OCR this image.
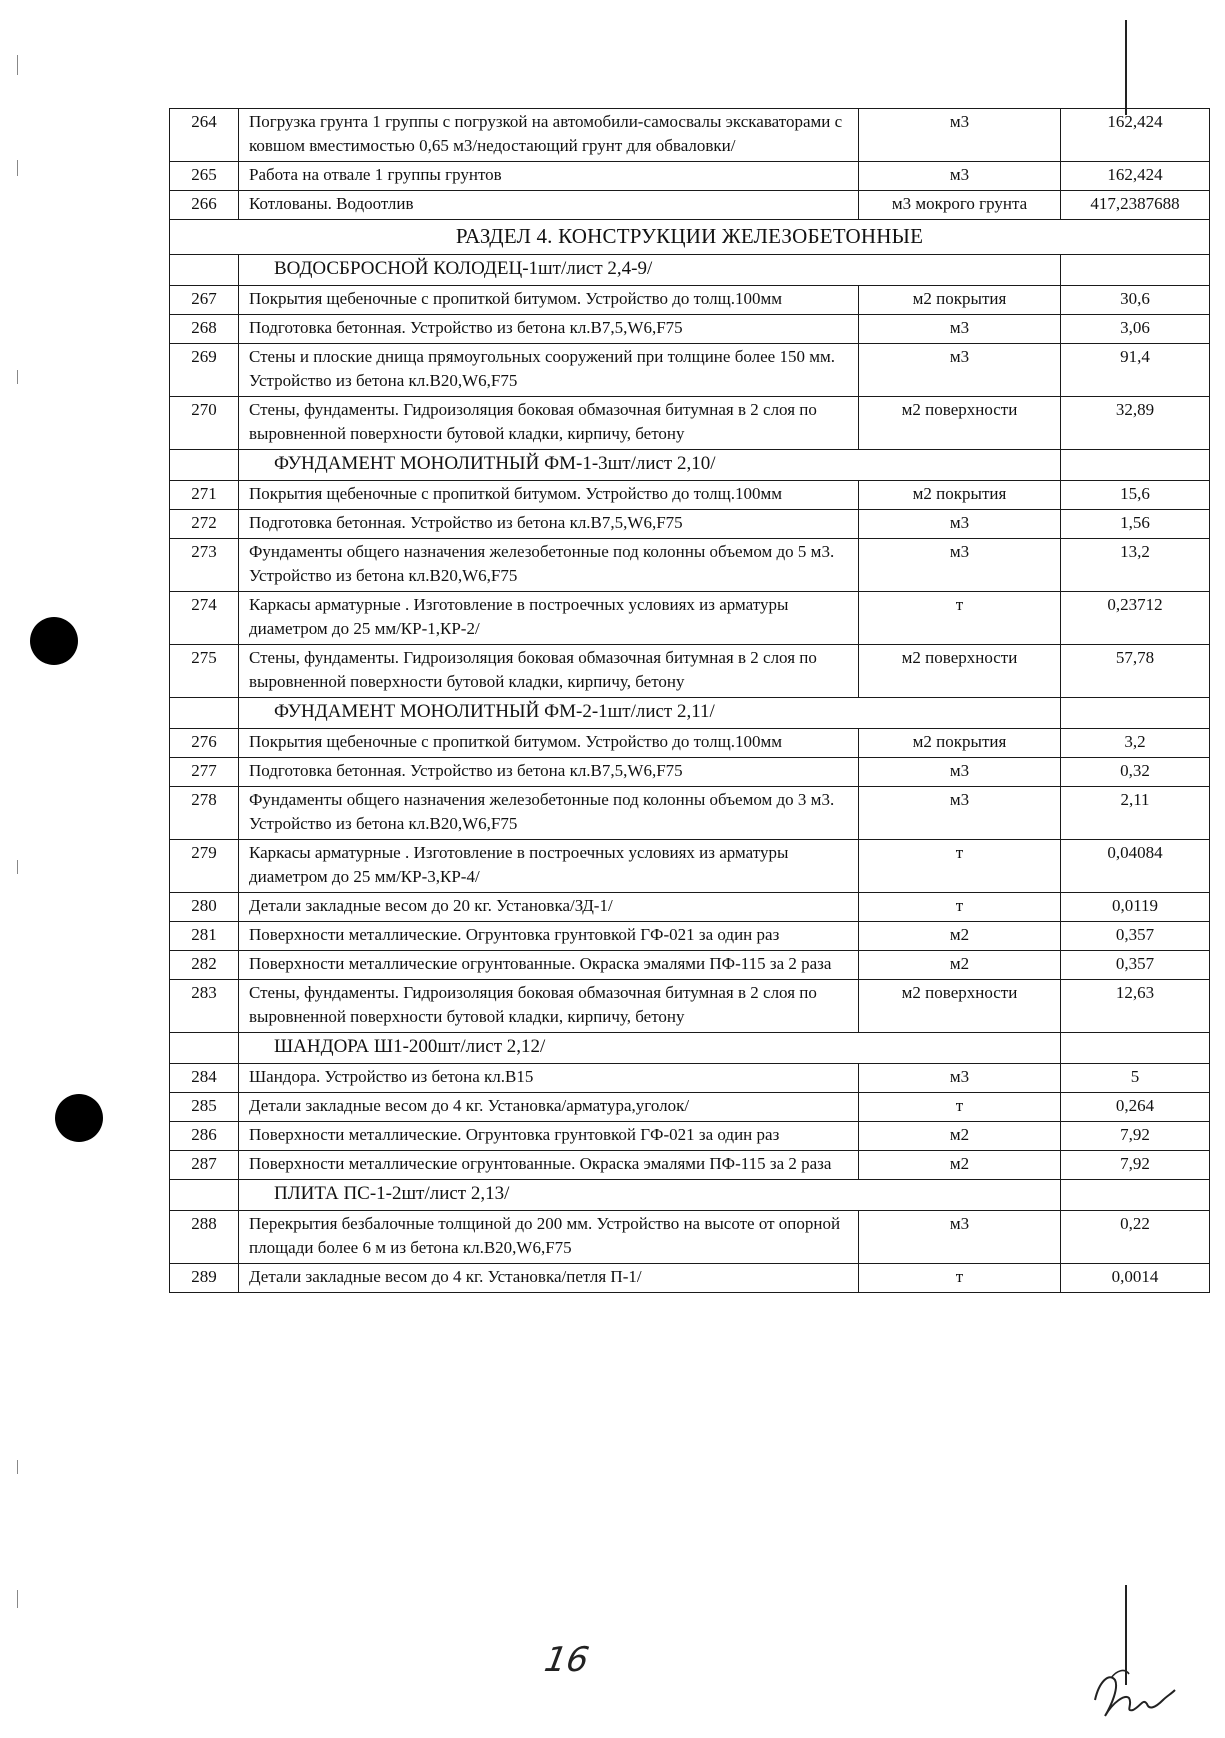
264	Погрузка грунта 1 группы с погрузкой на автомобили-самосвалы экскаваторами с ковшом вместимостью 0,65 м3/недостающий грунт для обваловки/	м3	162,424
265	Работа на отвале 1 группы грунтов	м3	162,424
266	Котлованы. Водоотлив	м3 мокрого грунта	417,2387688
РАЗДЕЛ 4. КОНСТРУКЦИИ ЖЕЛЕЗОБЕТОННЫЕ			
	ВОДОСБРОСНОЙ КОЛОДЕЦ-1шт/лист 2,4-9/		
267	Покрытия щебеночные с пропиткой битумом. Устройство до толщ.100мм	м2 покрытия	30,6
268	Подготовка бетонная. Устройство из бетона кл.В7,5,W6,F75	м3	3,06
269	Стены и плоские днища прямоугольных сооружений при толщине более 150 мм. Устройство из бетона кл.В20,W6,F75	м3	91,4
270	Стены, фундаменты. Гидроизоляция боковая обмазочная битумная в 2 слоя по выровненной поверхности бутовой кладки, кирпичу, бетону	м2 поверхности	32,89
	ФУНДАМЕНТ МОНОЛИТНЫЙ ФМ-1-3шт/лист 2,10/		
271	Покрытия щебеночные с пропиткой битумом. Устройство до толщ.100мм	м2 покрытия	15,6
272	Подготовка бетонная. Устройство из бетона кл.В7,5,W6,F75	м3	1,56
273	Фундаменты общего назначения железобетонные под колонны объемом до 5 м3. Устройство из бетона кл.В20,W6,F75	м3	13,2
274	Каркасы арматурные . Изготовление в построечных условиях из арматуры диаметром до 25 мм/КР-1,КР-2/	т	0,23712
275	Стены, фундаменты. Гидроизоляция боковая обмазочная битумная в 2 слоя по выровненной поверхности бутовой кладки, кирпичу, бетону	м2 поверхности	57,78
	ФУНДАМЕНТ МОНОЛИТНЫЙ ФМ-2-1шт/лист 2,11/		
276	Покрытия щебеночные с пропиткой битумом. Устройство до толщ.100мм	м2 покрытия	3,2
277	Подготовка бетонная. Устройство из бетона кл.В7,5,W6,F75	м3	0,32
278	Фундаменты общего назначения железобетонные под колонны объемом до 3 м3. Устройство из бетона кл.В20,W6,F75	м3	2,11
279	Каркасы арматурные . Изготовление в построечных условиях из арматуры диаметром до 25 мм/КР-3,КР-4/	т	0,04084
280	Детали закладные весом до 20 кг. Установка/ЗД-1/	т	0,0119
281	Поверхности металлические. Огрунтовка грунтовкой ГФ-021 за один раз	м2	0,357
282	Поверхности металлические огрунтованные. Окраска эмалями ПФ-115 за 2 раза	м2	0,357
283	Стены, фундаменты. Гидроизоляция боковая обмазочная битумная в 2 слоя по выровненной поверхности бутовой кладки, кирпичу, бетону	м2 поверхности	12,63
	ШАНДОРА Ш1-200шт/лист 2,12/		
284	Шандора. Устройство из бетона кл.В15	м3	5
285	Детали закладные весом до 4 кг. Установка/арматура,уголок/	т	0,264
286	Поверхности металлические. Огрунтовка грунтовкой ГФ-021 за один раз	м2	7,92
287	Поверхности металлические огрунтованные. Окраска эмалями ПФ-115 за 2 раза	м2	7,92
	ПЛИТА ПС-1-2шт/лист 2,13/		
288	Перекрытия безбалочные толщиной до 200 мм. Устройство на высоте от опорной площади более 6 м из бетона кл.В20,W6,F75	м3	0,22
289	Детали закладные весом до 4 кг. Установка/петля П-1/	т	0,0014
16
